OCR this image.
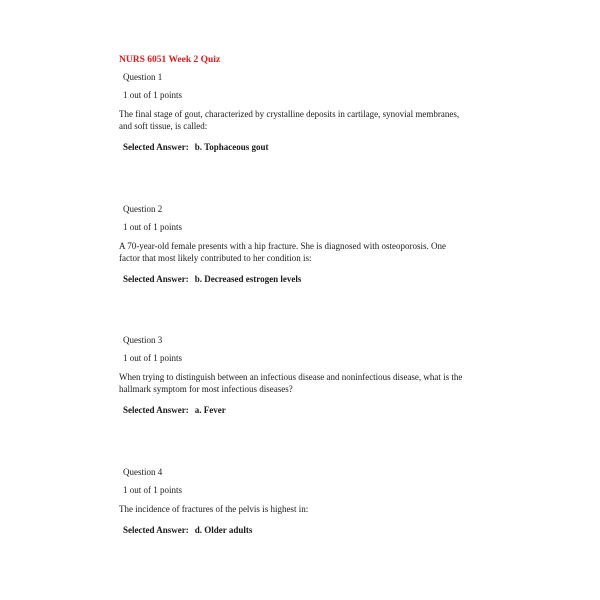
NURS 6051 Week 2 Quiz
Question 1
1 out of 1 points
The final stage of gout, characterized by crystalline deposits in cartilage, synovial membranes, and soft tissue, is called:
Selected Answer: b. Tophaceous gout
Question 2
1 out of 1 points
A 70-year-old female presents with a hip fracture. She is diagnosed with osteoporosis. One factor that most likely contributed to her condition is:
Selected Answer: b. Decreased estrogen levels
Question 3
1 out of 1 points
When trying to distinguish between an infectious disease and noninfectious disease, what is the hallmark symptom for most infectious diseases?
Selected Answer: a. Fever
Question 4
1 out of 1 points
The incidence of fractures of the pelvis is highest in:
Selected Answer: d. Older adults
